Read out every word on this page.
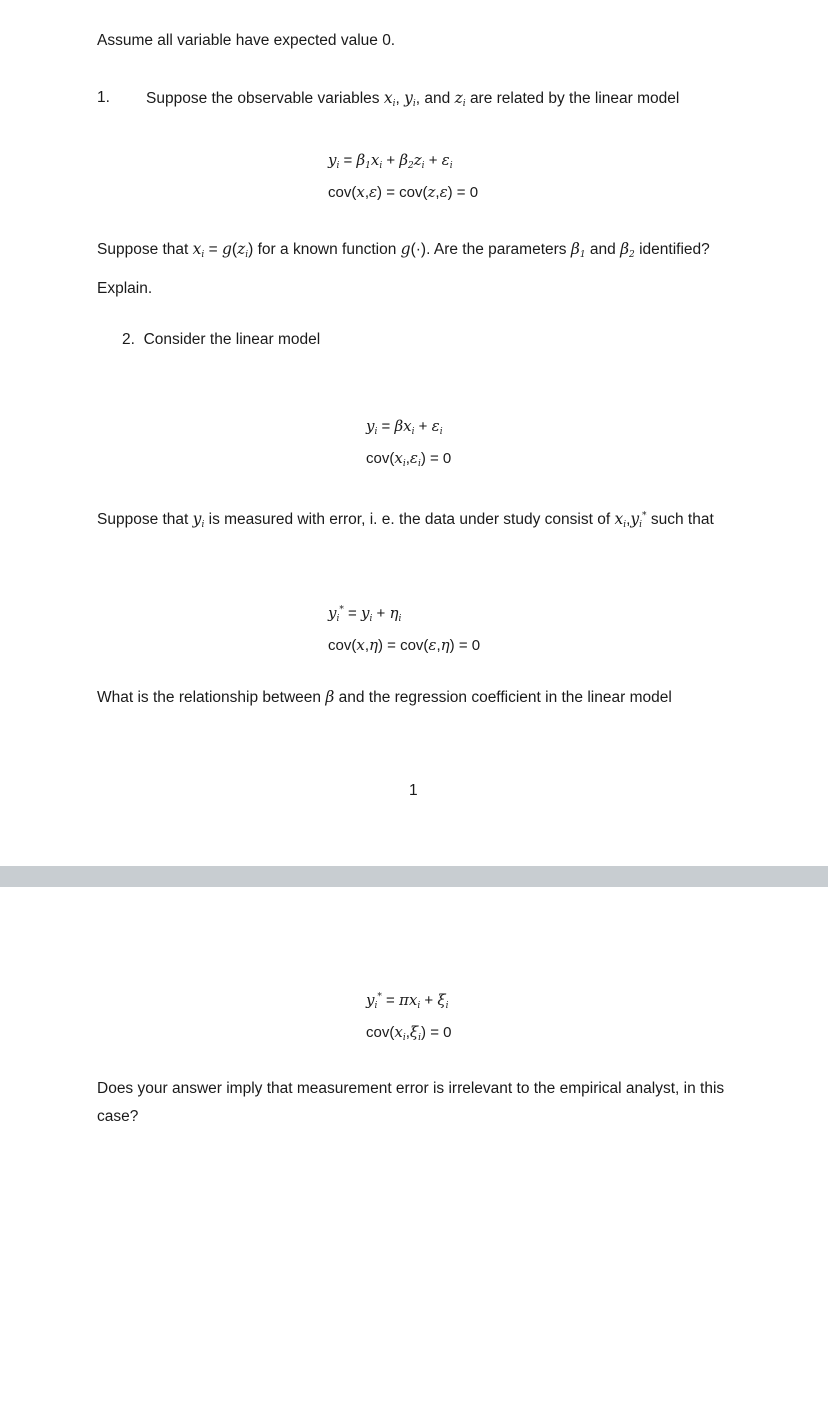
Assume all variable have expected value 0.
1. Suppose the observable variables $x_i$, $y_i$, and $z_i$ are related by the linear model
$y_i = \beta_1x_i + \beta_2z_i + \varepsilon_i$
cov(x,ε) = cov(z,ε) = 0
Suppose that $x_i = g(z_i)$ for a known function g(·). Are the parameters $\beta_1$ and $\beta_2$ identified? Explain.
2. Consider the linear model
$y_i = \beta x_i + \varepsilon_i$
$cov(x_i,\varepsilon_i) = 0$
Suppose that $y_i$ is measured with error, i. e. the data under study consist of $x_i,y_i^*$ such that
$y_i^* = y_i + \eta_i$
cov(x,η) = cov(ε,η) = 0
What is the relationship between β and the regression coefficient in the linear model
1
$y_i^* = \pi x_i + \xi_i$
$cov(x_i,\xi_i) = 0$
Does your answer imply that measurement error is irrelevant to the empirical analyst, in this case?
